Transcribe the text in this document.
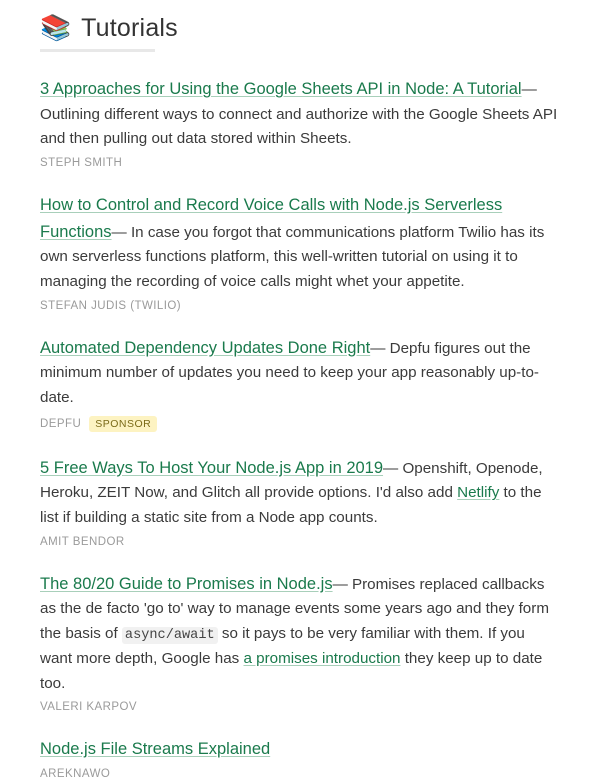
📚 Tutorials
3 Approaches for Using the Google Sheets API in Node: A Tutorial— Outlining different ways to connect and authorize with the Google Sheets API and then pulling out data stored within Sheets.
STEPH SMITH
How to Control and Record Voice Calls with Node.js Serverless Functions— In case you forgot that communications platform Twilio has its own serverless functions platform, this well-written tutorial on using it to managing the recording of voice calls might whet your appetite.
STEFAN JUDIS (TWILIO)
Automated Dependency Updates Done Right— Depfu figures out the minimum number of updates you need to keep your app reasonably up-to-date.
DEPFU	SPONSOR
5 Free Ways To Host Your Node.js App in 2019— Openshift, Openode, Heroku, ZEIT Now, and Glitch all provide options. I'd also add Netlify to the list if building a static site from a Node app counts.
AMIT BENDOR
The 80/20 Guide to Promises in Node.js— Promises replaced callbacks as the de facto 'go to' way to manage events some years ago and they form the basis of async/await so it pays to be very familiar with them. If you want more depth, Google has a promises introduction they keep up to date too.
VALERI KARPOV
Node.js File Streams Explained
AREKNAWO
